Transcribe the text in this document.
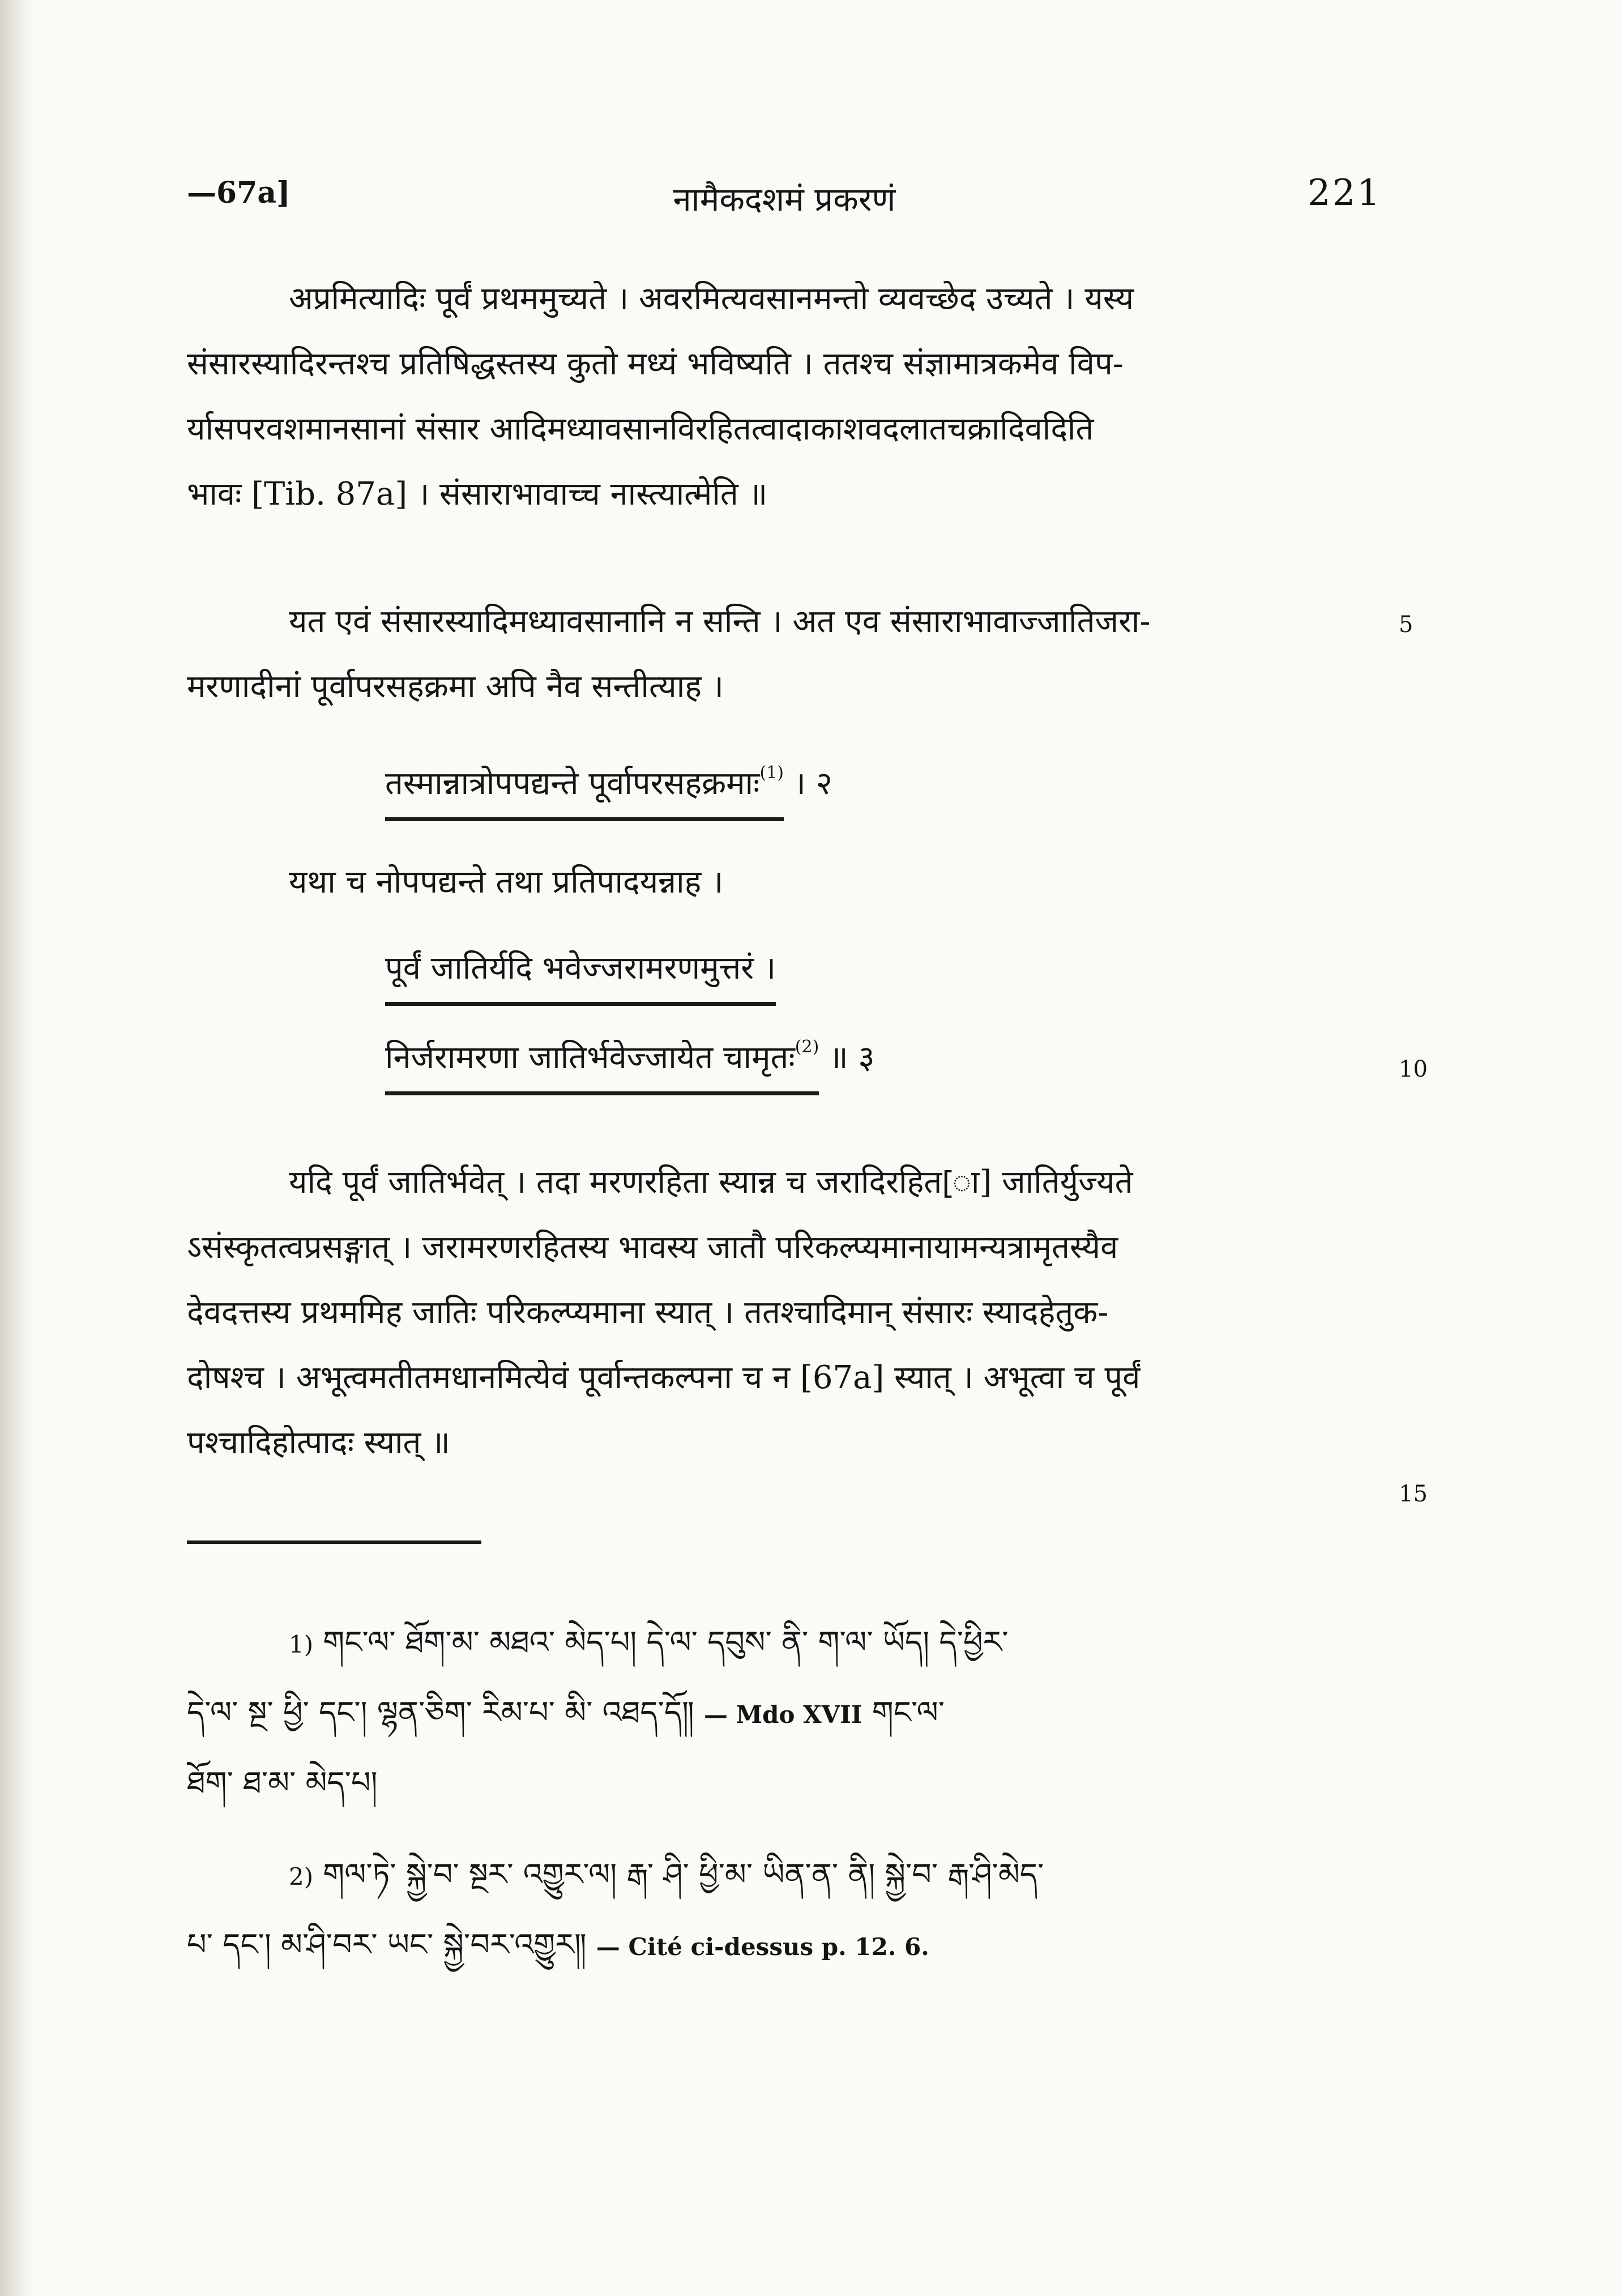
—67a]	नामैकदशमं प्रकरणं	221
अप्रमित्यादिः पूर्वं प्रथममुच्यते । अवरमित्यवसानमन्तो व्यवच्छेद उच्यते । यस्य
संसारस्यादिरन्तश्च प्रतिषिद्धस्तस्य कुतो मध्यं भविष्यति । ततश्च संज्ञामात्रकमेव विप-
र्यासपरवशमानसानां संसार आदिमध्यावसानविरहितत्वादाकाशवदलातचक्रादिवदिति
भावः [Tib. 87a] । संसाराभावाच्च नास्त्यात्मेति ॥
यत एवं संसारस्यादिमध्यावसानानि न सन्ति । अत एव संसाराभावाज्जातिजरा-
मरणादीनां पूर्वापरसहक्रमा अपि नैव सन्तीत्याह ।
5
तस्मान्नात्रोपपद्यन्ते पूर्वापरसहक्रमाः$^{(1)}$ । २
यथा च नोपपद्यन्ते तथा प्रतिपादयन्नाह ।
पूर्वं जातिर्यदि भवेज्जरामरणमुत्तरं ।
निर्जरामरणा जातिर्भवेज्जायेत चामृतः$^{(2)}$ ॥ ३	10
यदि पूर्वं जातिर्भवेत् । तदा मरणरहिता स्यान्न च जरादिरहित[ा] जातिर्युज्यते
ऽसंस्कृतत्वप्रसङ्गात् । जरामरणरहितस्य भावस्य जातौ परिकल्प्यमानायामन्यत्रामृतस्यैव
देवदत्तस्य प्रथममिह जातिः परिकल्प्यमाना स्यात् । ततश्चादिमान् संसारः स्यादहेतुक-
दोषश्च । अभूत्वमतीतमधानमित्येवं पूर्वान्तकल्पना च न [67a] स्यात् । अभूत्वा च पूर्वं
पश्चादिहोत्पादः स्यात् ॥
15
1) གང་ལ་ ཐོག་མ་ མཐའ་ མེད་པ། དེ་ལ་ དབུས་ ནི་ ག་ལ་ ཡོད། དེ་ཕྱིར་
དེ་ལ་ སྔ་ ཕྱི་ དང་། ལྷན་ཅིག་ རིམ་པ་ མི་ འཐད་དོ༎ — Mdo XVII གང་ལ་
ཐོག་ ཐ་མ་ མེད་པ།
2) གལ་ཏེ་ སྐྱེ་བ་ སྔར་ འགྱུར་ལ། རྒ་ ཤི་ ཕྱི་མ་ ཡིན་ན་ ནི། སྐྱེ་བ་ རྒ་ཤི་མེད་
པ་ དང་། མ་ཤི་བར་ ཡང་ སྐྱེ་བར་འགྱུར༎ — Cité ci-dessus p. 12. 6.
